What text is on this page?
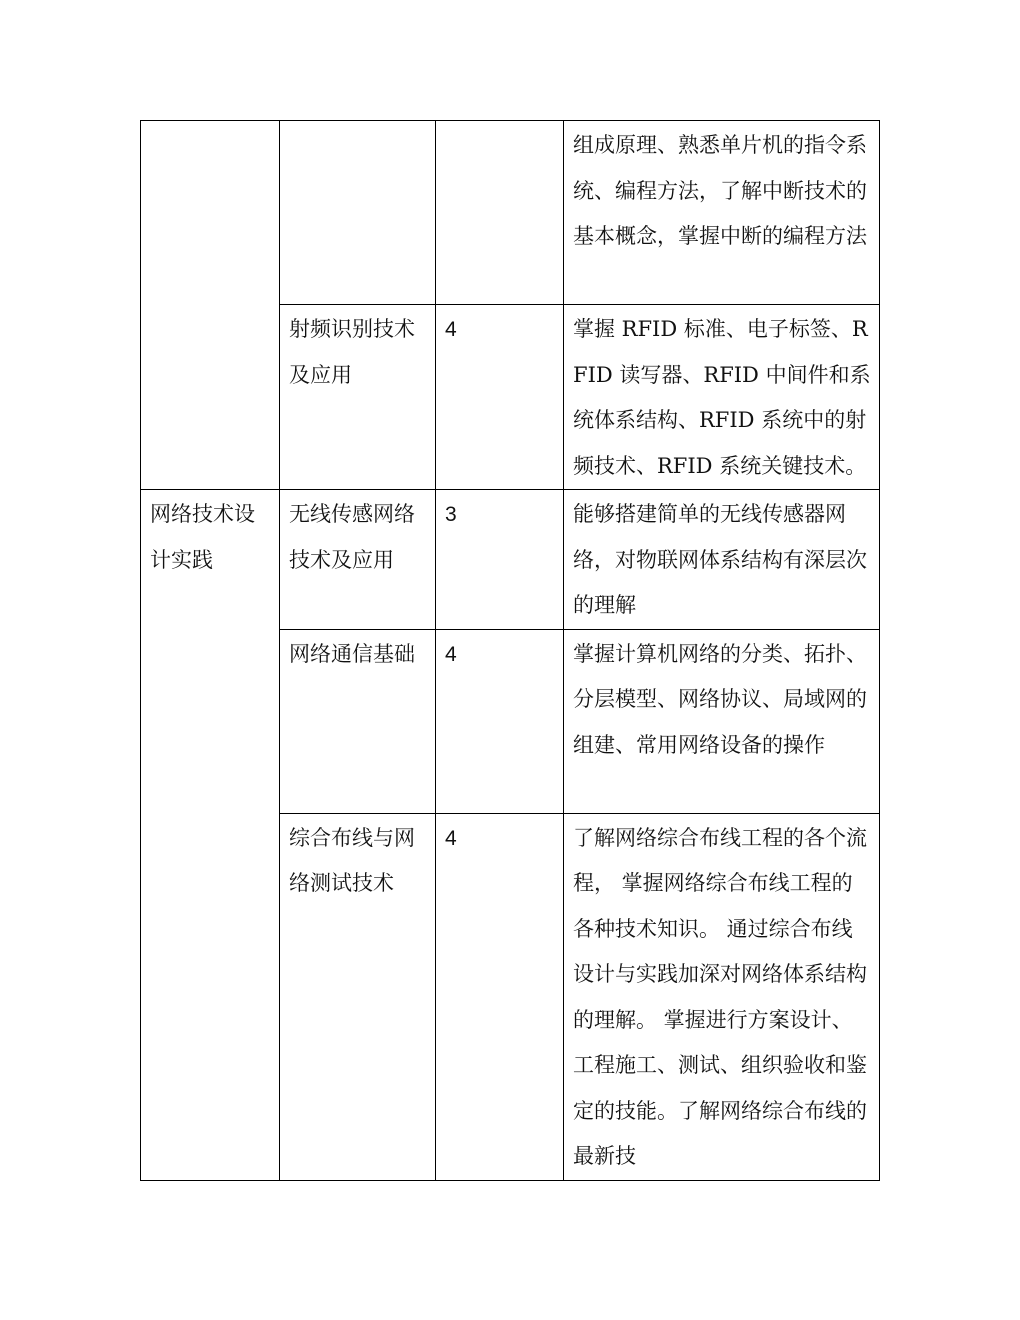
			组成原理、熟悉单片机的指令系统、编程方法，了解中断技术的基本概念，掌握中断的编程方法
	射频识别技术及应用	4	掌握 RFID 标准、电子标签、RFID 读写器、RFID 中间件和系统体系结构、RFID 系统中的射频技术、RFID 系统关键技术。
网络技术设计实践	无线传感网络技术及应用	3	能够搭建简单的无线传感器网络，对物联网体系结构有深层次的理解
	网络通信基础	4	掌握计算机网络的分类、拓扑、分层模型、网络协议、局域网的组建、常用网络设备的操作
	综合布线与网络测试技术	4	了解网络综合布线工程的各个流程， 掌握网络综合布线工程的各种技术知识。 通过综合布线设计与实践加深对网络体系结构的理解。 掌握进行方案设计、工程施工、测试、组织验收和鉴定的技能。了解网络综合布线的最新技
